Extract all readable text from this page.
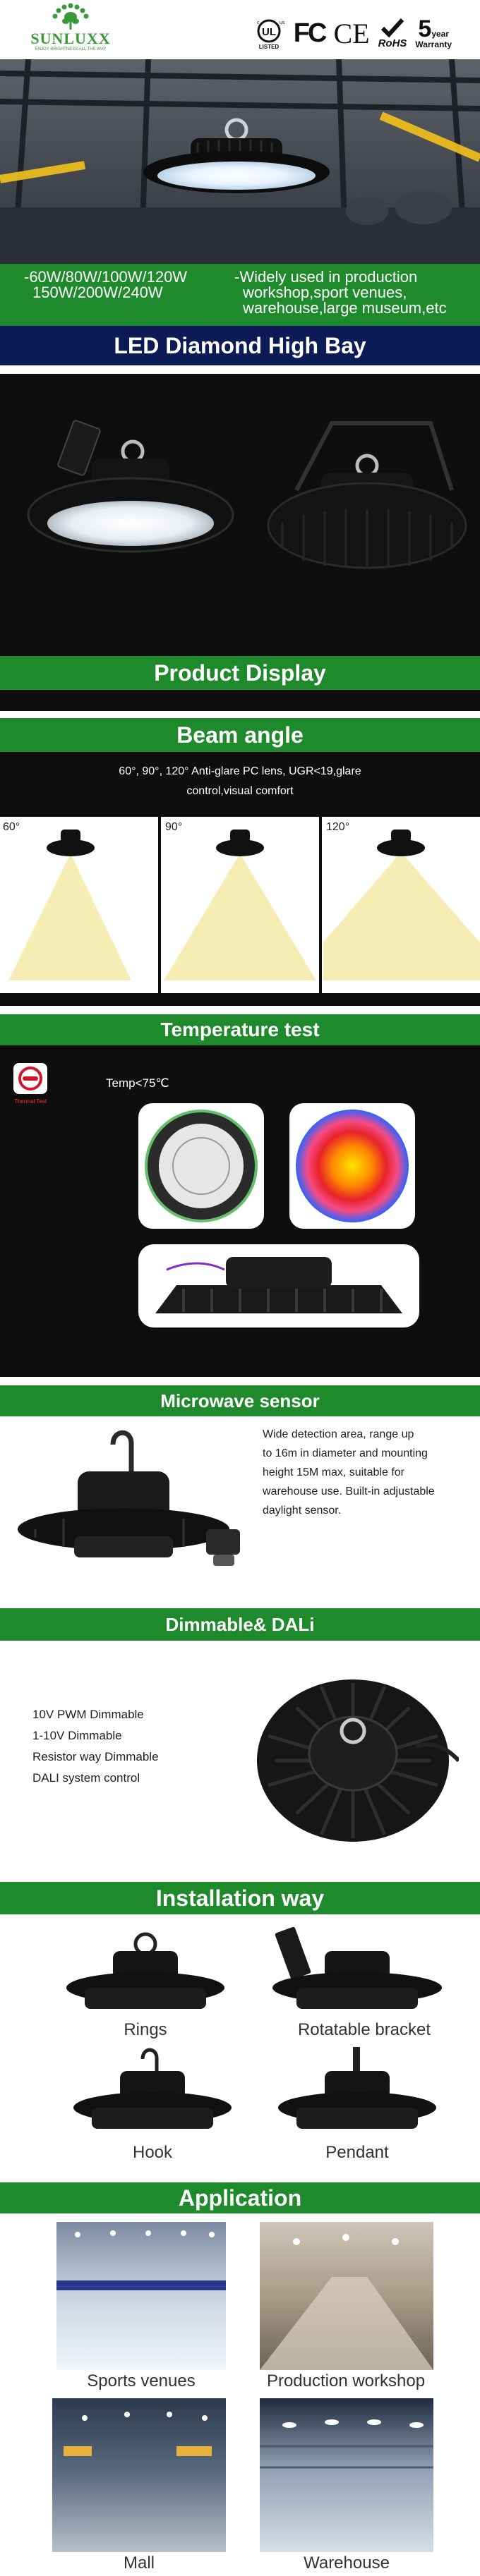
SUNLUXX
ENJOY BRIGHTNESS ALL THE WAY
UL
LISTED
c	us FC CE RoHS
5year
Warranty
-60W/80W/100W/120W
150W/200W/240W
-Widely used in production
workshop,sport venues,
warehouse,large museum,etc
LED Diamond High Bay
Product Display
Beam angle
60°, 90°, 120° Anti-glare PC lens, UGR<19,glare
control,visual comfort
60°	90°	120°
Temperature test
Thermal Test
Temp<75℃
Microwave sensor
Wide detection area, range up
to 16m in diameter and mounting
height 15M max, suitable for
warehouse use. Built-in adjustable
daylight sensor.
Dimmable& DALi
10V PWM Dimmable
1-10V Dimmable
Resistor way Dimmable
DALI system control
Installation way
Rings	Rotatable bracket
Hook	Pendant
Application
Sports venues	Production workshop
Mall	Warehouse
